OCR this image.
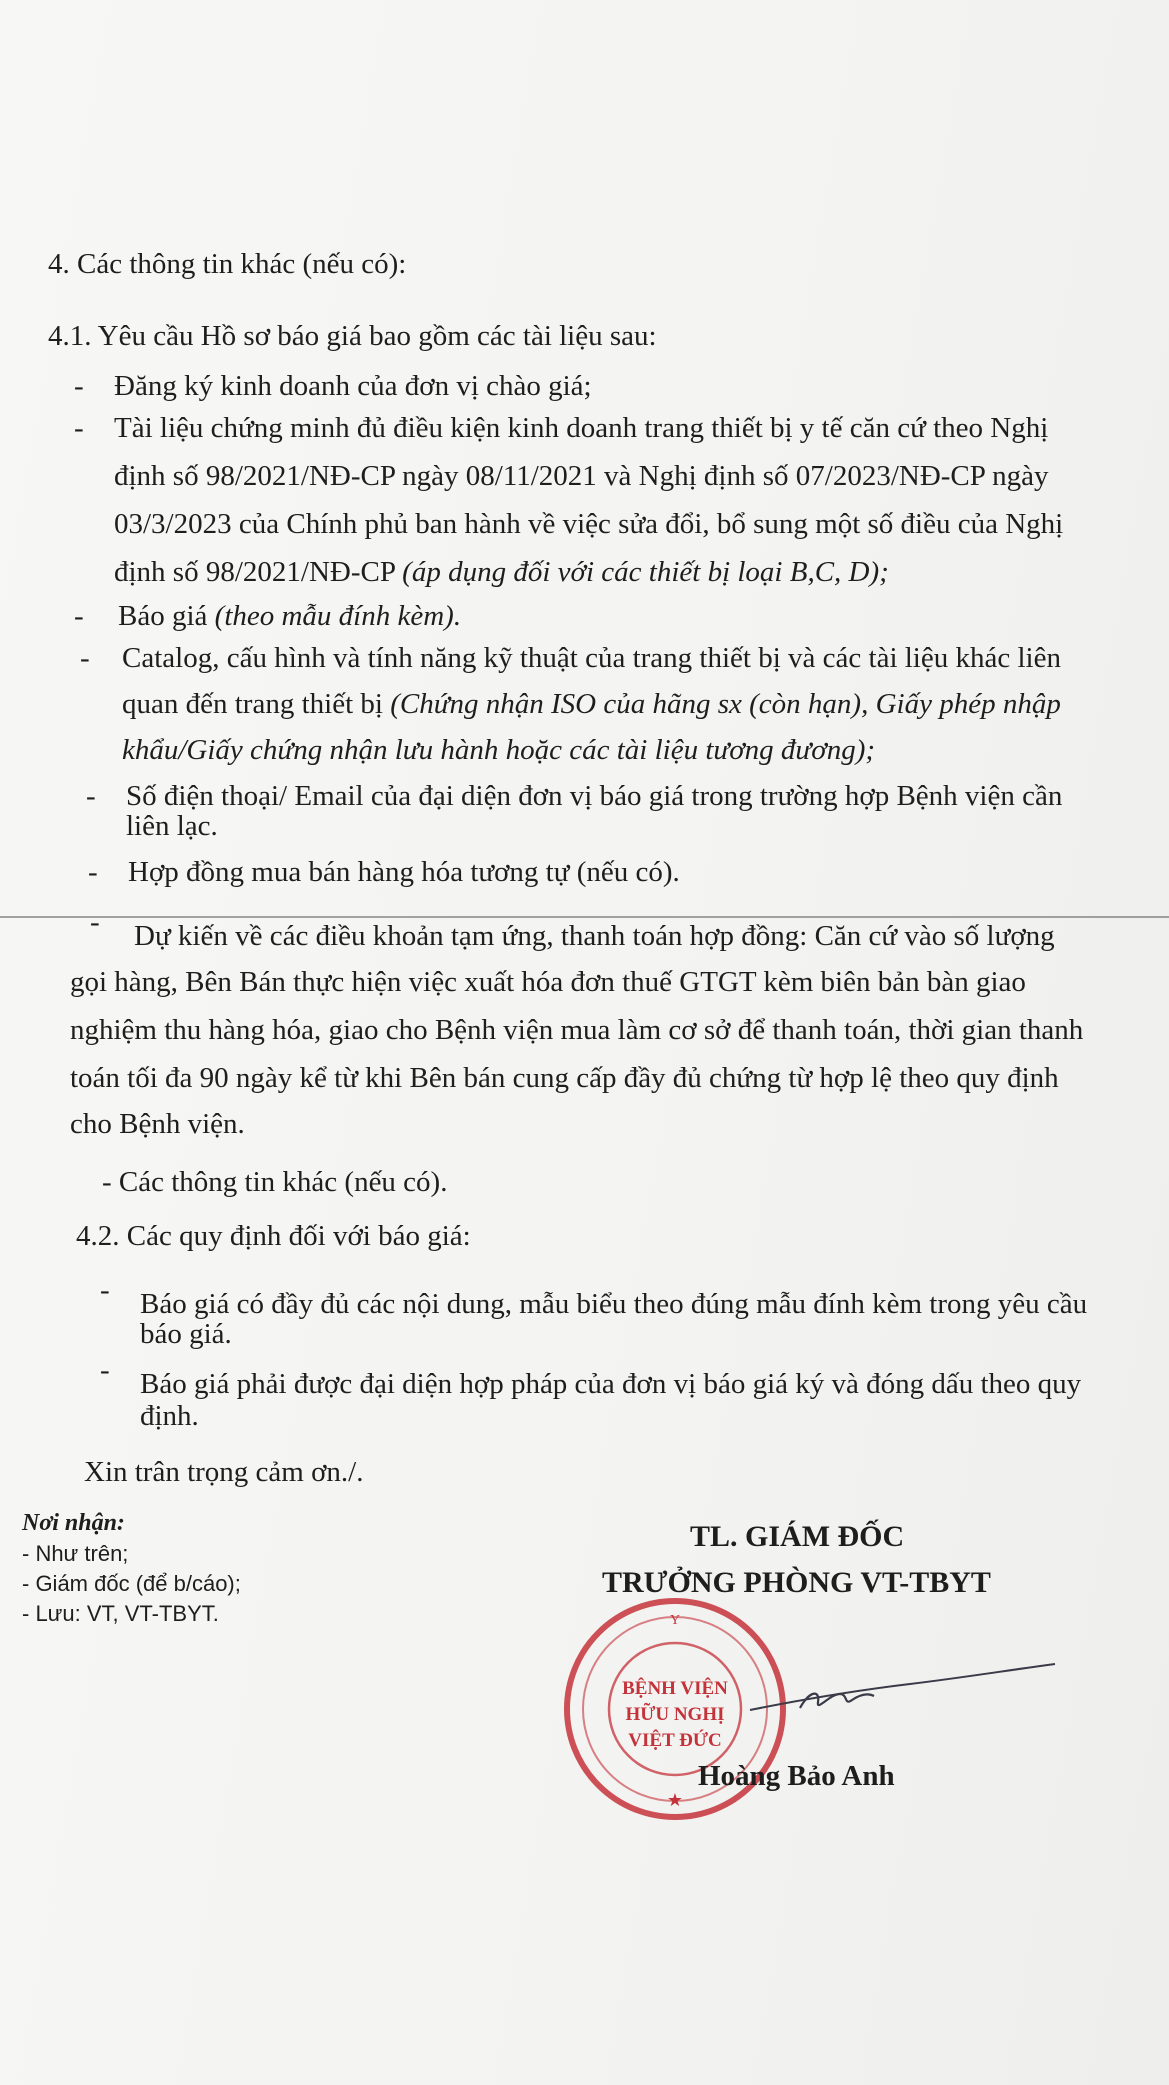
4. Các thông tin khác (nếu có):
4.1. Yêu cầu Hồ sơ báo giá bao gồm các tài liệu sau:
- Đăng ký kinh doanh của đơn vị chào giá;
- Tài liệu chứng minh đủ điều kiện kinh doanh trang thiết bị y tế căn cứ theo Nghị
định số 98/2021/NĐ-CP ngày 08/11/2021 và Nghị định số 07/2023/NĐ-CP ngày
03/3/2023 của Chính phủ ban hành về việc sửa đổi, bổ sung một số điều của Nghị
định số 98/2021/NĐ-CP (áp dụng đối với các thiết bị loại B,C, D);
- Báo giá (theo mẫu đính kèm).
- Catalog, cấu hình và tính năng kỹ thuật của trang thiết bị và các tài liệu khác liên
quan đến trang thiết bị (Chứng nhận ISO của hãng sx (còn hạn), Giấy phép nhập
khẩu/Giấy chứng nhận lưu hành hoặc các tài liệu tương đương);
- Số điện thoại/ Email của đại diện đơn vị báo giá trong trường hợp Bệnh viện cần
liên lạc.
- Hợp đồng mua bán hàng hóa tương tự (nếu có).
- Dự kiến về các điều khoản tạm ứng, thanh toán hợp đồng: Căn cứ vào số lượng
gọi hàng, Bên Bán thực hiện việc xuất hóa đơn thuế GTGT kèm biên bản bàn giao
nghiệm thu hàng hóa, giao cho Bệnh viện mua làm cơ sở để thanh toán, thời gian thanh
toán tối đa 90 ngày kể từ khi Bên bán cung cấp đầy đủ chứng từ hợp lệ theo quy định
cho Bệnh viện.
- Các thông tin khác (nếu có).
4.2. Các quy định đối với báo giá:
- Báo giá có đầy đủ các nội dung, mẫu biểu theo đúng mẫu đính kèm trong yêu cầu
báo giá.
- Báo giá phải được đại diện hợp pháp của đơn vị báo giá ký và đóng dấu theo quy
định.
Xin trân trọng cảm ơn./.
Nơi nhận:
- Như trên;
- Giám đốc (để b/cáo);
- Lưu: VT, VT-TBYT.
TL. GIÁM ĐỐC
TRƯỞNG PHÒNG VT-TBYT
Y
★
BỆNH VIỆN
HỮU NGHỊ
VIỆT ĐỨC
Hoàng Bảo Anh
